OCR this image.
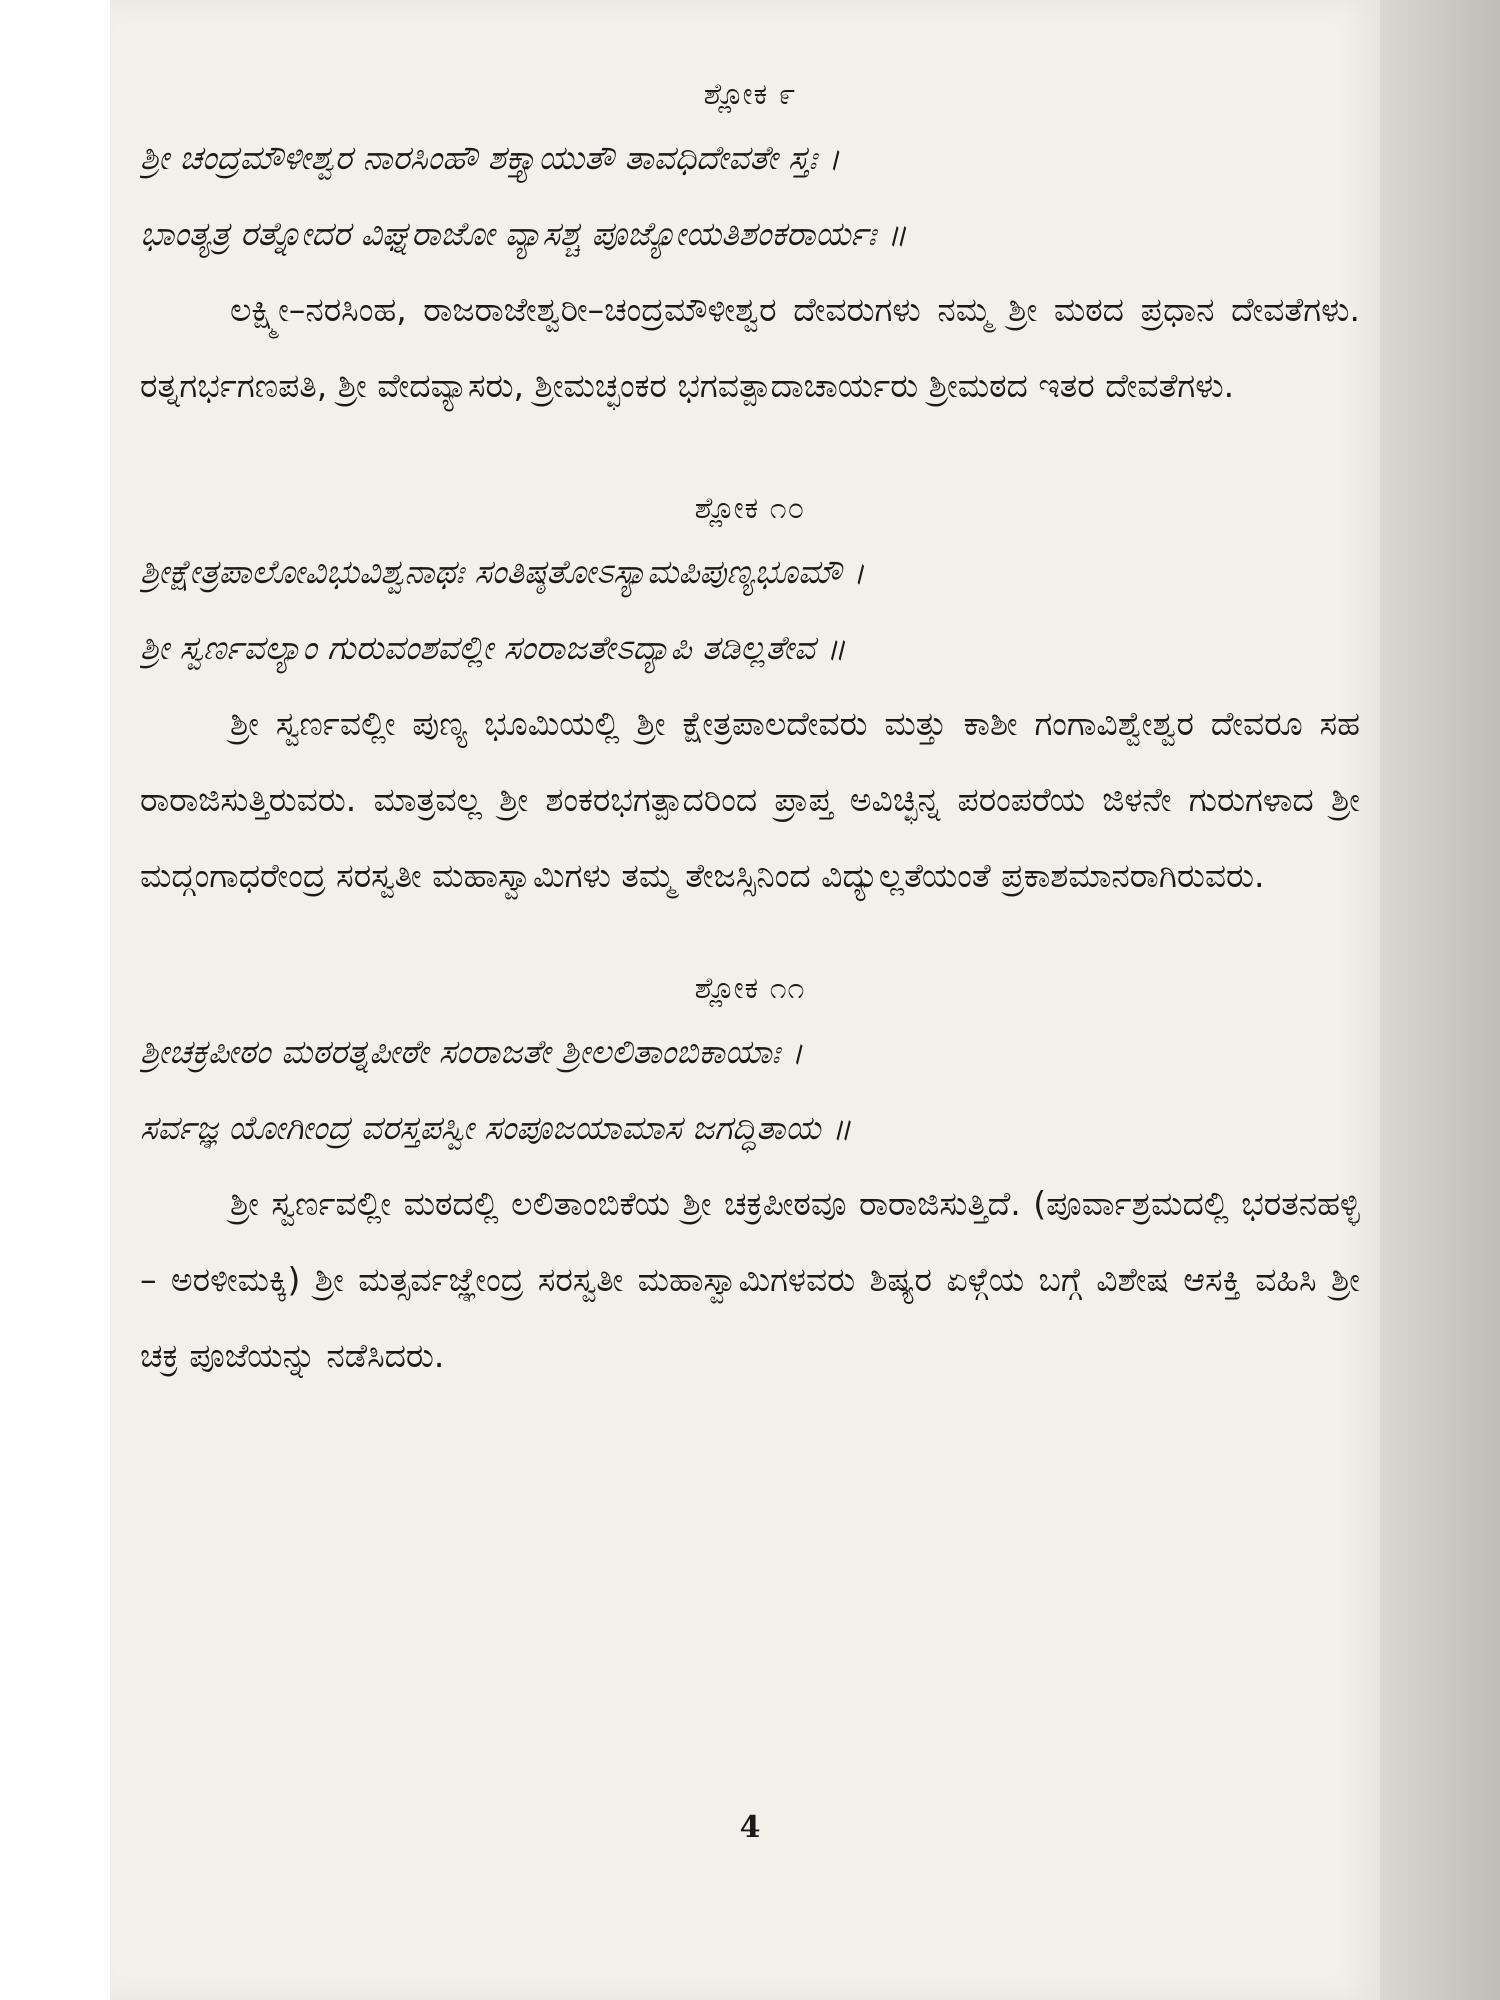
ಶ್ಲೋಕ ೯

ಶ್ರೀ ಚಂದ್ರಮೌಳೀಶ್ವರ ನಾರಸಿಂಹೌ ಶಕ್ತ್ಯಾಯುತೌ ತಾವಧಿದೇವತೇ ಸ್ತಃ ।

ಭಾಂತ್ಯತ್ರ ರತ್ನೋದರ ವಿಘ್ನರಾಜೋ ವ್ಯಾಸಶ್ಚ ಪೂಜ್ಯೋಯತಿಶಂಕರಾರ್ಯಃ ॥

ಲಕ್ಷ್ಮೀ–ನರಸಿಂಹ, ರಾಜರಾಜೇಶ್ವರೀ–ಚಂದ್ರಮೌಳೀಶ್ವರ ದೇವರುಗಳು ನಮ್ಮ ಶ್ರೀ ಮಠದ ಪ್ರಧಾನ ದೇವತೆಗಳು. ರತ್ನಗರ್ಭಗಣಪತಿ, ಶ್ರೀ ವೇದವ್ಯಾಸರು, ಶ್ರೀಮಚ್ಛಂಕರ ಭಗವತ್ಪಾದಾಚಾರ್ಯರು ಶ್ರೀಮಠದ ಇತರ ದೇವತೆಗಳು.

ಶ್ಲೋಕ ೧೦

ಶ್ರೀಕ್ಷೇತ್ರಪಾಲೋವಿಭುವಿಶ್ವನಾಥಃ ಸಂತಿಷ್ಠತೋಽಸ್ಯಾಮಪಿಪುಣ್ಯಭೂಮೌ ।

ಶ್ರೀ ಸ್ವರ್ಣವಲ್ಯಾಂ ಗುರುವಂಶವಲ್ಲೀ ಸಂರಾಜತೇಽದ್ಯಾಪಿ ತಡಿಲ್ಲತೇವ ॥

ಶ್ರೀ ಸ್ವರ್ಣವಲ್ಲೀ ಪುಣ್ಯ ಭೂಮಿಯಲ್ಲಿ ಶ್ರೀ ಕ್ಷೇತ್ರಪಾಲದೇವರು ಮತ್ತು ಕಾಶೀ ಗಂಗಾವಿಶ್ವೇಶ್ವರ ದೇವರೂ ಸಹ ರಾರಾಜಿಸುತ್ತಿರುವರು. ಮಾತ್ರವಲ್ಲ ಶ್ರೀ ಶಂಕರಭಗತ್ಪಾದರಿಂದ ಪ್ರಾಪ್ತ ಅವಿಚ್ಛಿನ್ನ ಪರಂಪರೆಯ ಜಿಳನೇ ಗುರುಗಳಾದ ಶ್ರೀ ಮದ್ಗಂಗಾಧರೇಂದ್ರ ಸರಸ್ವತೀ ಮಹಾಸ್ವಾಮಿಗಳು ತಮ್ಮ ತೇಜಸ್ಸಿನಿಂದ ವಿದ್ಯುಲ್ಲತೆಯಂತೆ ಪ್ರಕಾಶಮಾನರಾಗಿರುವರು.

ಶ್ಲೋಕ ೧೧

ಶ್ರೀಚಕ್ರಪೀಠಂ ಮಠರತ್ನಪೀಠೇ ಸಂರಾಜತೇ ಶ್ರೀಲಲಿತಾಂಬಿಕಾಯಾಃ ।

ಸರ್ವಜ್ಞ ಯೋಗೀಂದ್ರ ವರಸ್ತಪಸ್ವೀ ಸಂಪೂಜಯಾಮಾಸ ಜಗದ್ಧಿತಾಯ ॥

ಶ್ರೀ ಸ್ವರ್ಣವಲ್ಲೀ ಮಠದಲ್ಲಿ ಲಲಿತಾಂಬಿಕೆಯ ಶ್ರೀ ಚಕ್ರಪೀಠವೂ ರಾರಾಜಿಸುತ್ತಿದೆ. (ಪೂರ್ವಾಶ್ರಮದಲ್ಲಿ ಭರತನಹಳ್ಳಿ – ಅರಳೀಮಕ್ಕಿ) ಶ್ರೀ ಮತ್ಸರ್ವಜ್ಞೇಂದ್ರ ಸರಸ್ವತೀ ಮಹಾಸ್ವಾಮಿಗಳವರು ಶಿಷ್ಯರ ಏಳ್ಗೆಯ ಬಗ್ಗೆ ವಿಶೇಷ ಆಸಕ್ತಿ ವಹಿಸಿ ಶ್ರೀ ಚಕ್ರ ಪೂಜೆಯನ್ನು ನಡೆಸಿದರು.

4
